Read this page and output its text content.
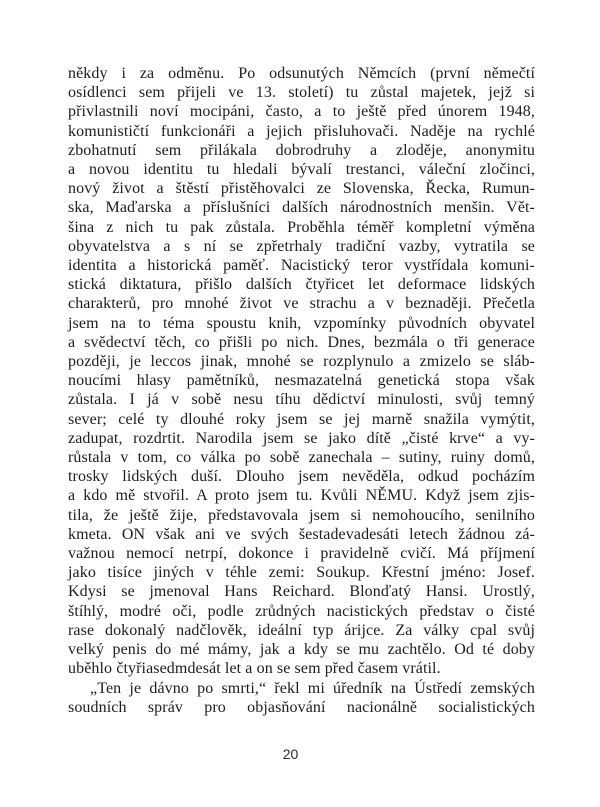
někdy i za odměnu. Po odsunutých Němcích (první němečtí
osídlenci sem přijeli ve 13. století) tu zůstal majetek, jejž si
přivlastnili noví mocipáni, často, a to ještě před únorem 1948,
komunističtí funkcionáři a jejich přisluhovači. Naděje na rychlé
zbohatnutí sem přilákala dobrodruhy a zloděje, anonymitu
a novou identitu tu hledali bývalí trestanci, váleční zločinci,
nový život a štěstí přistěhovalci ze Slovenska, Řecka, Rumun-
ska, Maďarska a příslušníci dalších národnostních menšin. Vět-
šina z nich tu pak zůstala. Proběhla téměř kompletní výměna
obyvatelstva a s ní se zpřetrhaly tradiční vazby, vytratila se
identita a historická paměť. Nacistický teror vystřídala komuni-
stická diktatura, přišlo dalších čtyřicet let deformace lidských
charakterů, pro mnohé život ve strachu a v beznaději. Přečetla
jsem na to téma spoustu knih, vzpomínky původních obyvatel
a svědectví těch, co přišli po nich. Dnes, bezmála o tři generace
později, je leccos jinak, mnohé se rozplynulo a zmizelo se sláb-
noucími hlasy pamětníků, nesmazatelná genetická stopa však
zůstala. I já v sobě nesu tíhu dědictví minulosti, svůj temný
sever; celé ty dlouhé roky jsem se jej marně snažila vymýtit,
zadupat, rozdrtit. Narodila jsem se jako dítě „čisté krve“ a vy-
růstala v tom, co válka po sobě zanechala – sutiny, ruiny domů,
trosky lidských duší. Dlouho jsem nevěděla, odkud pocházím
a kdo mě stvořil. A proto jsem tu. Kvůli NĚMU. Když jsem zjis-
tila, že ještě žije, představovala jsem si nemohoucího, senilního
kmeta. ON však ani ve svých šestadevadesáti letech žádnou zá-
važnou nemocí netrpí, dokonce i pravidelně cvičí. Má příjmení
jako tisíce jiných v téhle zemi: Soukup. Křestní jméno: Josef.
Kdysi se jmenoval Hans Reichard. Blonďatý Hansi. Urostlý,
štíhlý, modré oči, podle zrůdných nacistických představ o čisté
rase dokonalý nadčlověk, ideální typ árijce. Za války cpal svůj
velký penis do mé mámy, jak a kdy se mu zachtělo. Od té doby
uběhlo čtyřiasedmdesát let a on se sem před časem vrátil.
„Ten je dávno po smrti,“ řekl mi úředník na Ústředí zemských
soudních správ pro objasňování nacionálně socialistických
20
